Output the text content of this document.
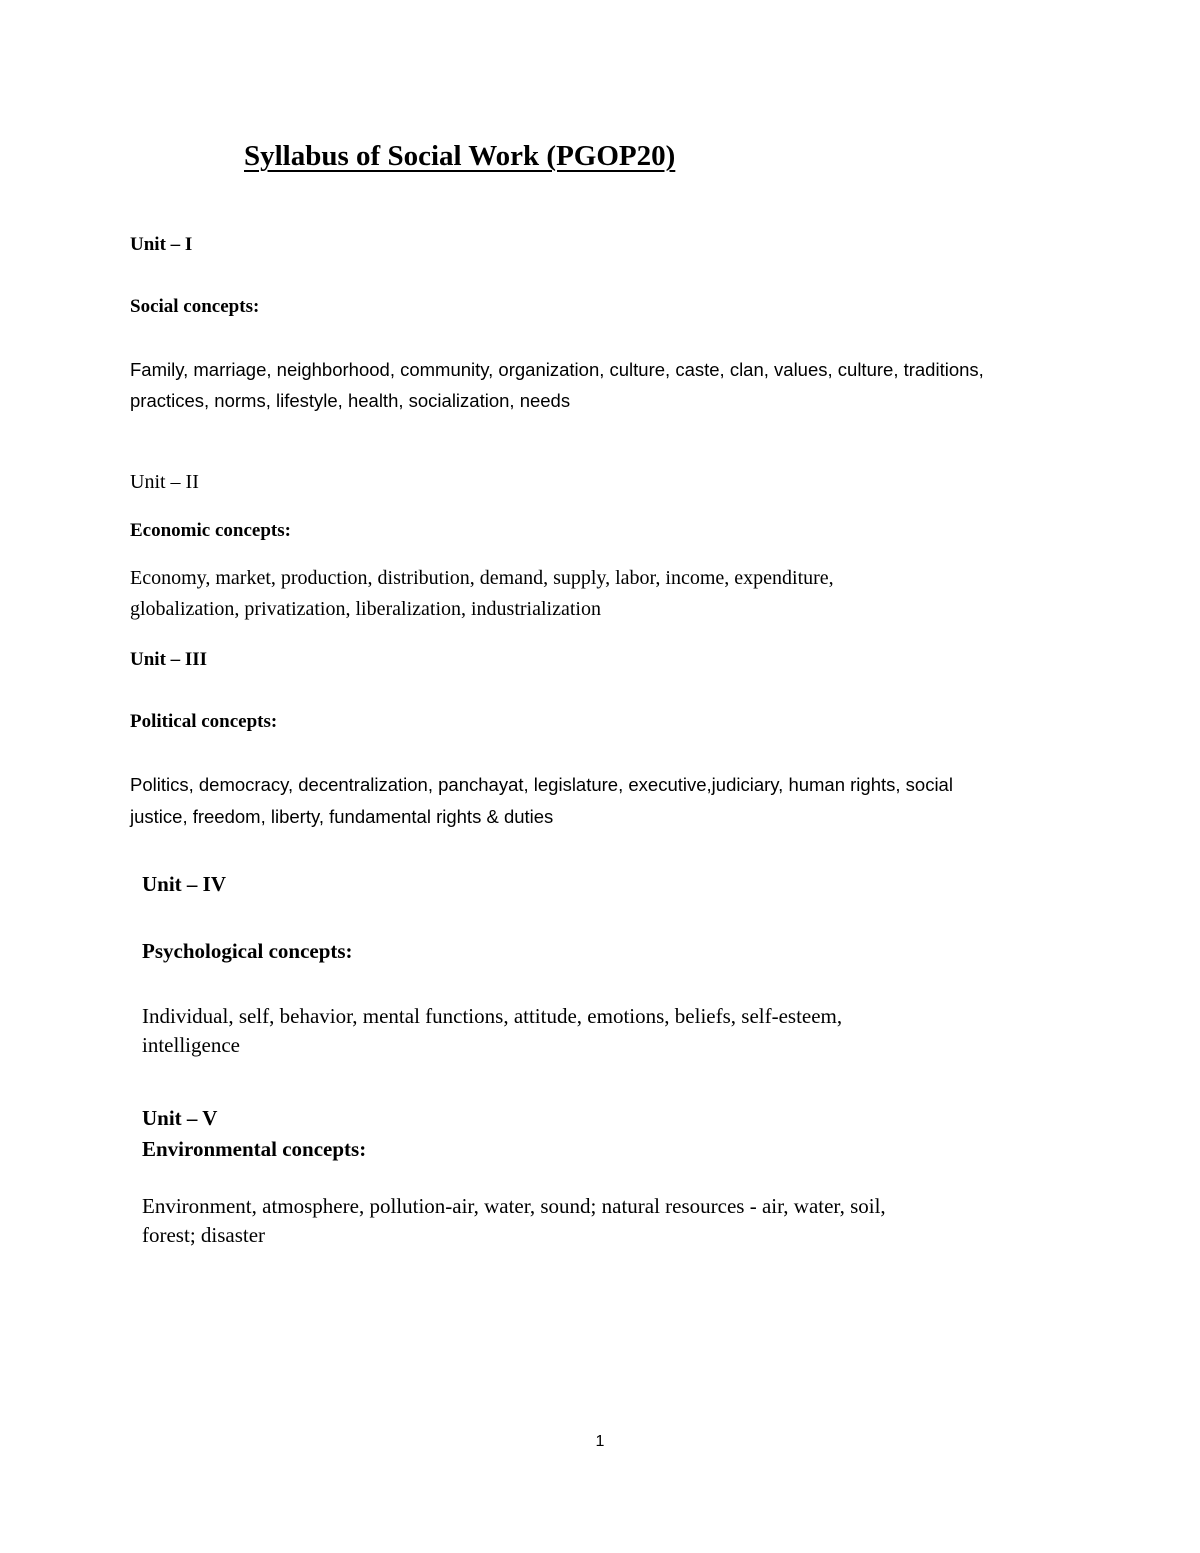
Syllabus of Social Work (PGOP20)
Unit – I
Social concepts:
Family, marriage, neighborhood, community, organization, culture, caste, clan, values, culture, traditions,
practices, norms, lifestyle, health, socialization, needs
Unit – II
Economic concepts:
Economy, market, production, distribution, demand, supply, labor, income, expenditure,
globalization, privatization, liberalization, industrialization
Unit – III
Political concepts:
Politics, democracy, decentralization, panchayat, legislature, executive,judiciary, human rights, social
justice, freedom, liberty, fundamental rights & duties
Unit – IV
Psychological concepts:
Individual, self, behavior, mental functions, attitude, emotions, beliefs, self-esteem,
intelligence
Unit – V
Environmental concepts:
Environment, atmosphere, pollution-air, water, sound; natural resources - air, water, soil,
forest; disaster
1
